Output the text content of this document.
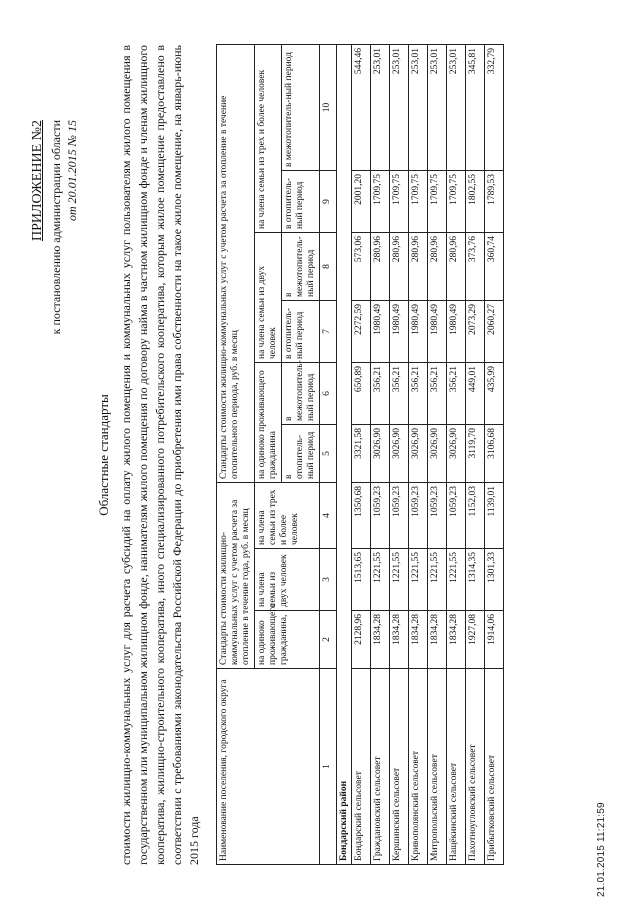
ПРИЛОЖЕНИЕ №2 к постановлению администрации области от 20.01.2015 № 15
Областные стандарты стоимости жилищно-коммунальных услуг для расчета субсидий на оплату жилого помещения и коммунальных услуг пользователям жилого помещения в государственном или муниципальном жилищном фонде, нанимателям жилого помещения по договору найма в частном жилищном фонде и членам жилищного кооператива, жилищно-строительного кооператива, иного специализированного потребительского кооператива, которым жилое помещение предоставлено в соответствии с требованиями законодательства Российской Федерации до приобретения ими права собственности на такое жилое помещение, на январь-июнь 2015 года Наименование поселения, городского округа	Стандарты стоимости жилищно-коммунальных услуг с учетом расчета за отопление в течение года, руб. в месяц			Стандарты стоимости жилищно-коммунальных услуг с учетом расчета за отопление в течение отопительного периода, руб. в месяц					
	на одиноко проживающего гражданина,	на члена семьи из двух человек	на члена семьи из трех и более человек	на одиноко проживающего гражданина		на члена семьи из двух человек		на члена семьи из трех и более человек	
				в отопитель-ный период	в межотопитель-ный период	в отопитель-ный период	в межотопитель-ный период	в отопитель-ный период	в межотопитель-ный период
1	2	3	4	5	6	7	8	9	10
Бондарский район									
Бондарский сельсовет	2128,96	1513,65	1350,68	3321,58	650,89	2272,59	573,06	2001,20	544,46
Граждановский сельсовет	1834,28	1221,55	1059,23	3026,90	356,21	1980,49	280,96	1709,75	253,01
Кершинский сельсовет	1834,28	1221,55	1059,23	3026,90	356,21	1980,49	280,96	1709,75	253,01
Кривополянский сельсовет	1834,28	1221,55	1059,23	3026,90	356,21	1980,49	280,96	1709,75	253,01
Митропольский сельсовет	1834,28	1221,55	1059,23	3026,90	356,21	1980,49	280,96	1709,75	253,01
Нащёкинский сельсовет	1834,28	1221,55	1059,23	3026,90	356,21	1980,49	280,96	1709,75	253,01
Пахотноугловский сельсовет	1927,08	1314,35	1152,03	3119,70	449,01	2073,29	373,76	1802,55	345,81
Прибытковский сельсовет	1914,06	1301,33	1139,01	3106,68	435,99	2060,27	360,74	1789,53	332,79
21.01.2015 11:21:59
